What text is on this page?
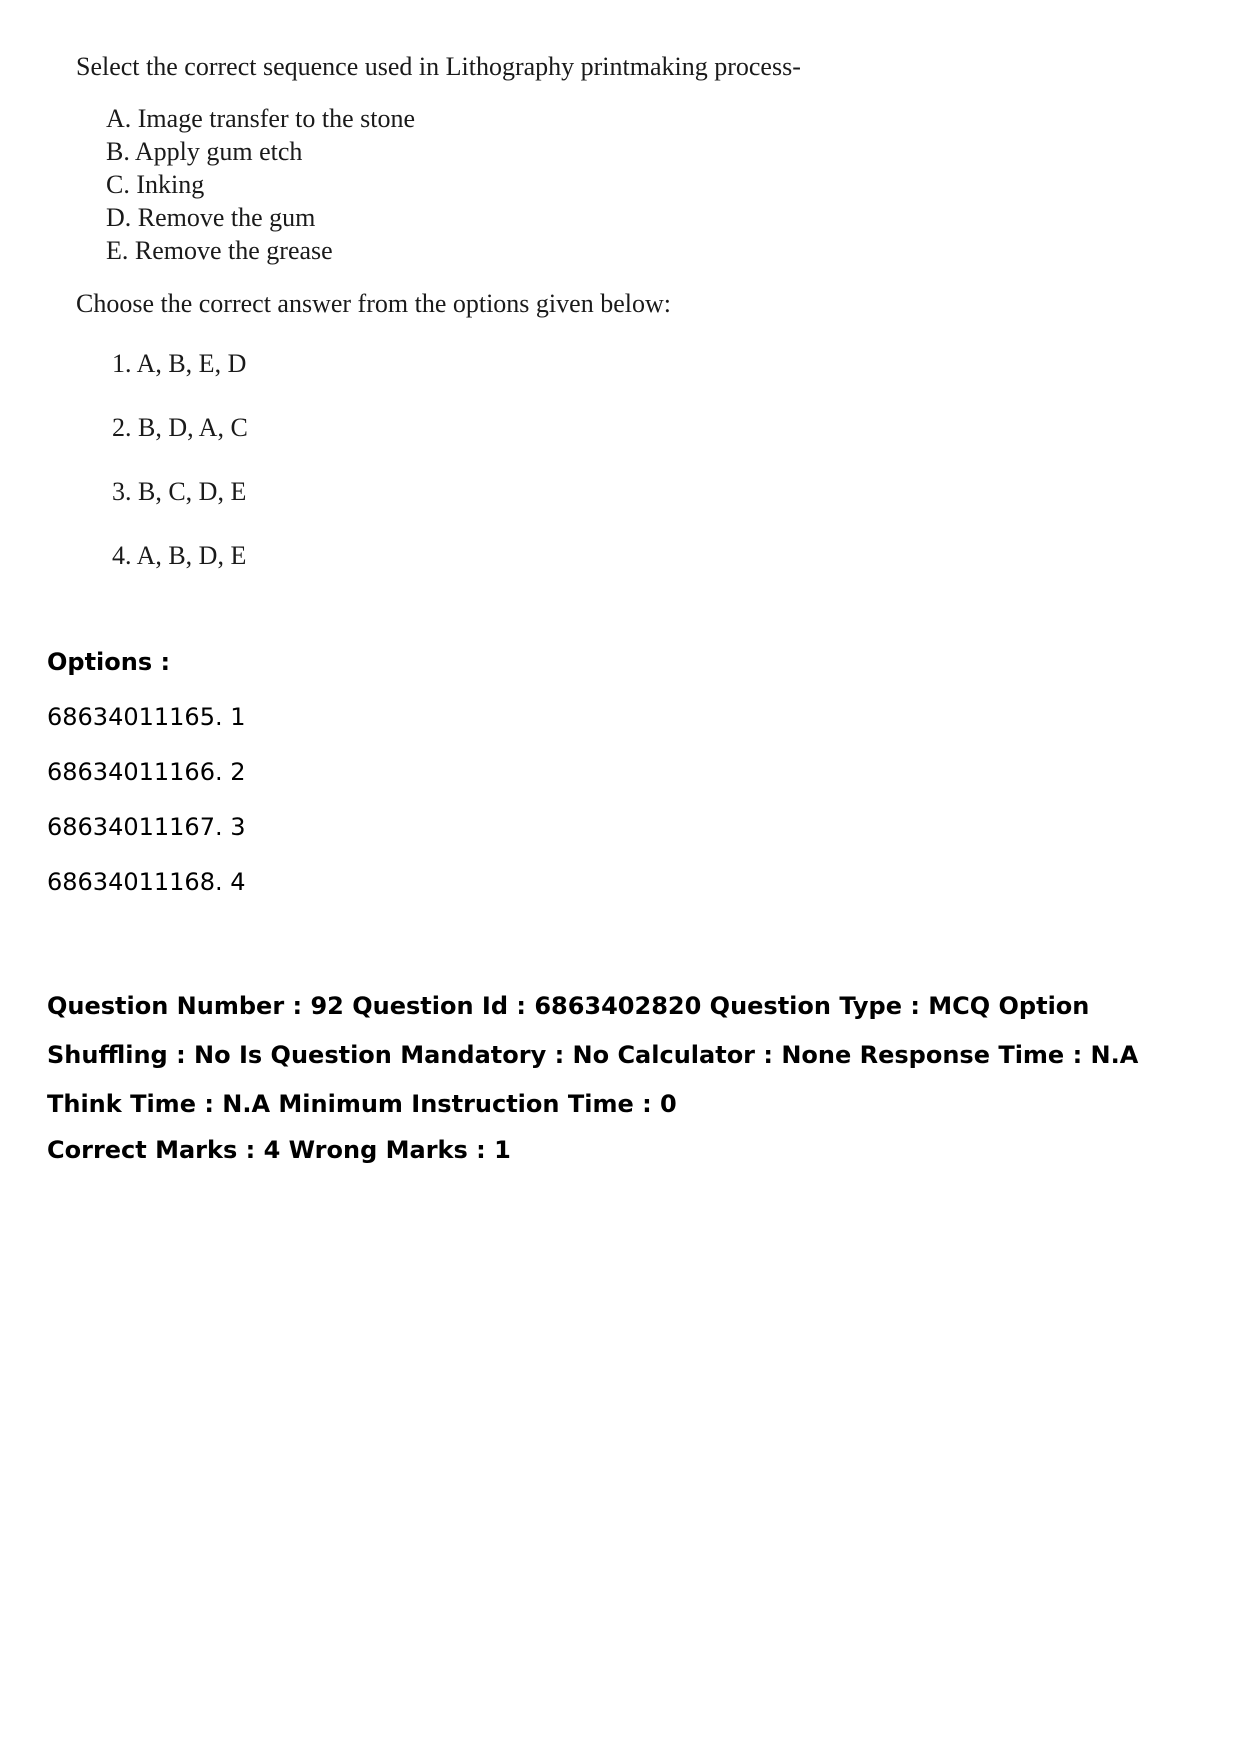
Select the correct sequence used in Lithography printmaking process-

A. Image transfer to the stone
B. Apply gum etch
C. Inking
D. Remove the gum
E. Remove the grease

Choose the correct answer from the options given below:

1. A, B, E, D
2. B, D, A, C
3. B, C, D, E
4. A, B, D, E

Options :

68634011165. 1
68634011166. 2
68634011167. 3
68634011168. 4

Question Number : 92 Question Id : 6863402820 Question Type : MCQ Option Shuffling : No Is Question Mandatory : No Calculator : None Response Time : N.A Think Time : N.A Minimum Instruction Time : 0

Correct Marks : 4 Wrong Marks : 1
